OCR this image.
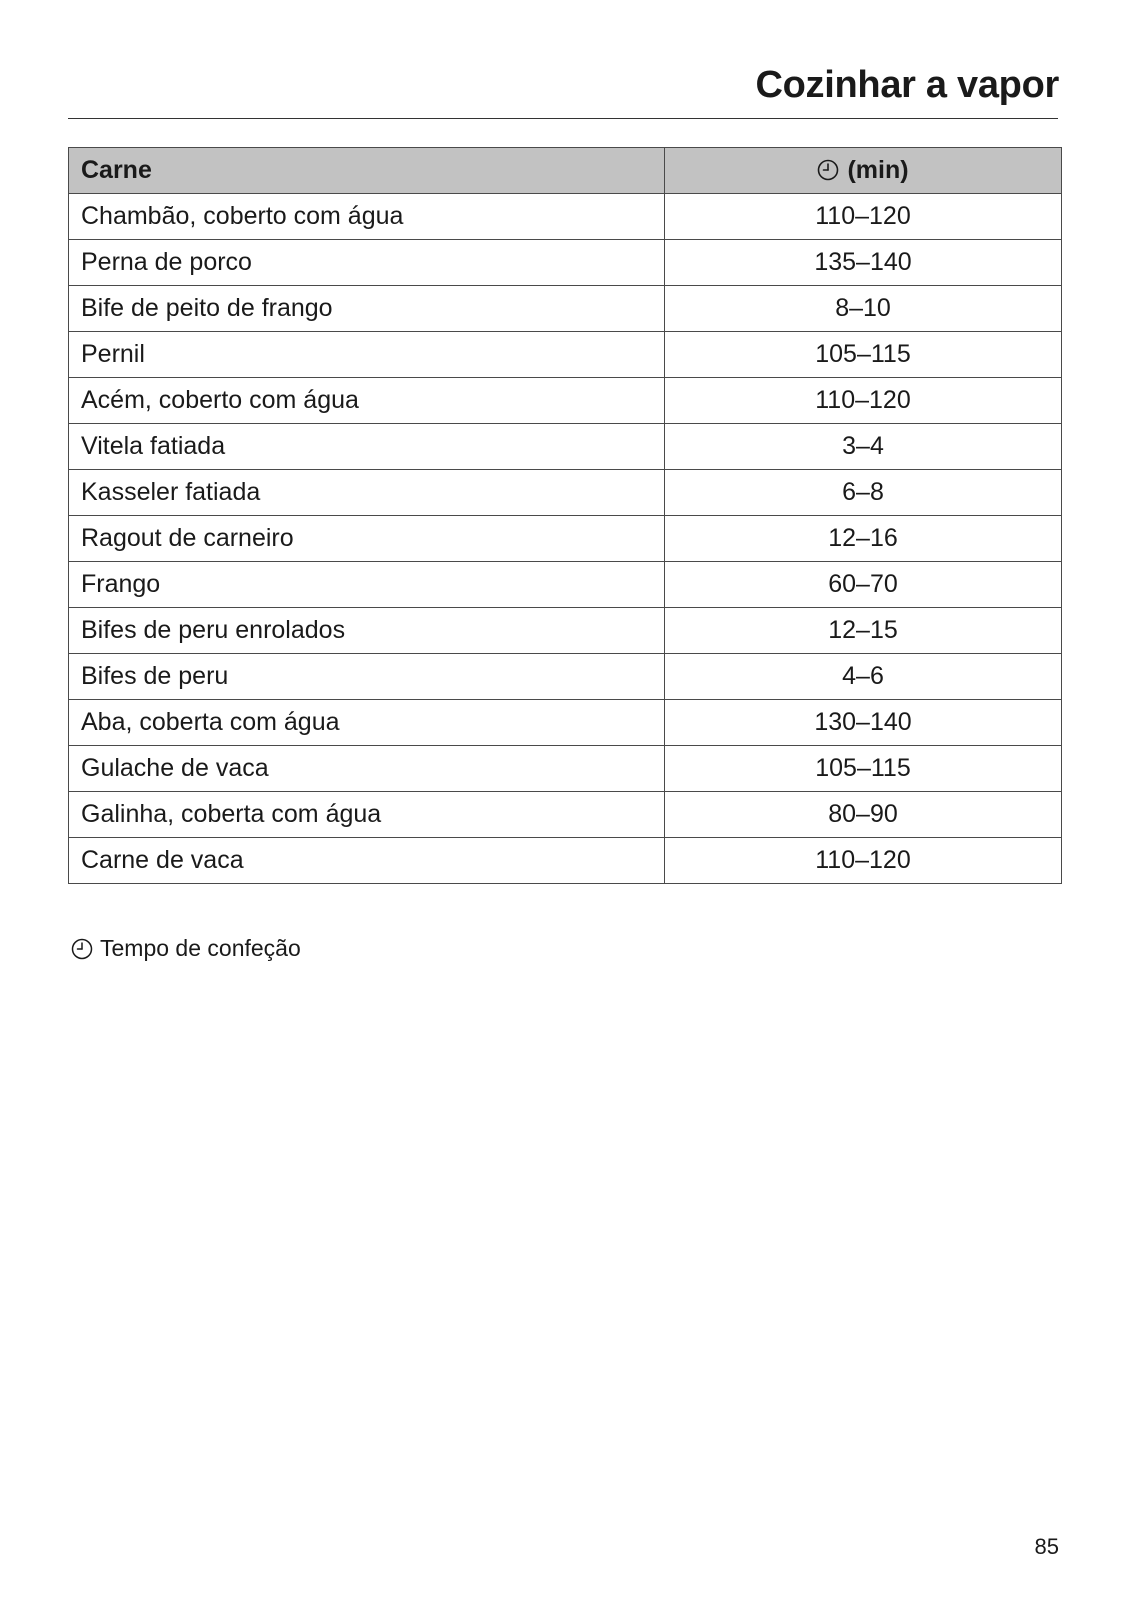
Cozinhar a vapor
Carne	(min)
Chambão, coberto com água	110–120
Perna de porco	135–140
Bife de peito de frango	8–10
Pernil	105–115
Acém, coberto com água	110–120
Vitela fatiada	3–4
Kasseler fatiada	6–8
Ragout de carneiro	12–16
Frango	60–70
Bifes de peru enrolados	12–15
Bifes de peru	4–6
Aba, coberta com água	130–140
Gulache de vaca	105–115
Galinha, coberta com água	80–90
Carne de vaca	110–120
Tempo de confeção
85
